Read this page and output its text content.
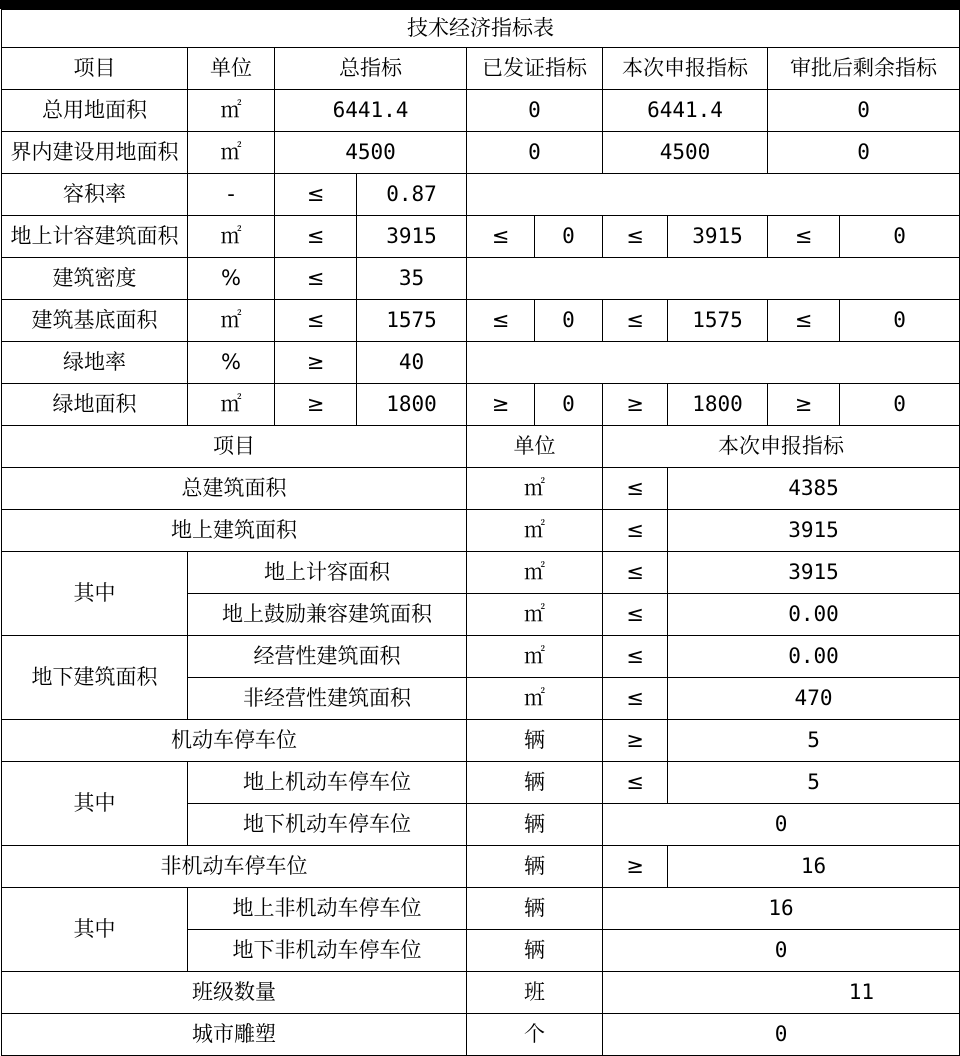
技术经济指标表									
项目	单位	总指标		已发证指标		本次申报指标		审批后剩余指标	
总用地面积	㎡	6441.4		0		6441.4		0	
界内建设用地面积	㎡	4500		0		4500		0	
容积率	-	≤	0.87						
地上计容建筑面积	㎡	≤	3915	≤	0	≤	3915	≤	0
建筑密度	%	≤	35						
建筑基底面积	㎡	≤	1575	≤	0	≤	1575	≤	0
绿地率	%	≥	40						
绿地面积	㎡	≥	1800	≥	0	≥	1800	≥	0
项目				单位		本次申报指标			
总建筑面积				㎡		≤	4385		
地上建筑面积				㎡		≤	3915		
其中	地上计容面积			㎡		≤	3915		
	地上鼓励兼容建筑面积			㎡		≤	0.00		
地下建筑面积	经营性建筑面积			㎡		≤	0.00		
	非经营性建筑面积			㎡		≤	470		
机动车停车位				辆		≥	5		
其中	地上机动车停车位			辆		≤	5		
	地下机动车停车位			辆		0			
非机动车停车位				辆		≥	16		
其中	地上非机动车停车位			辆		16			
	地下非机动车停车位			辆		0			
班级数量				班		11			
城市雕塑				个		0			
